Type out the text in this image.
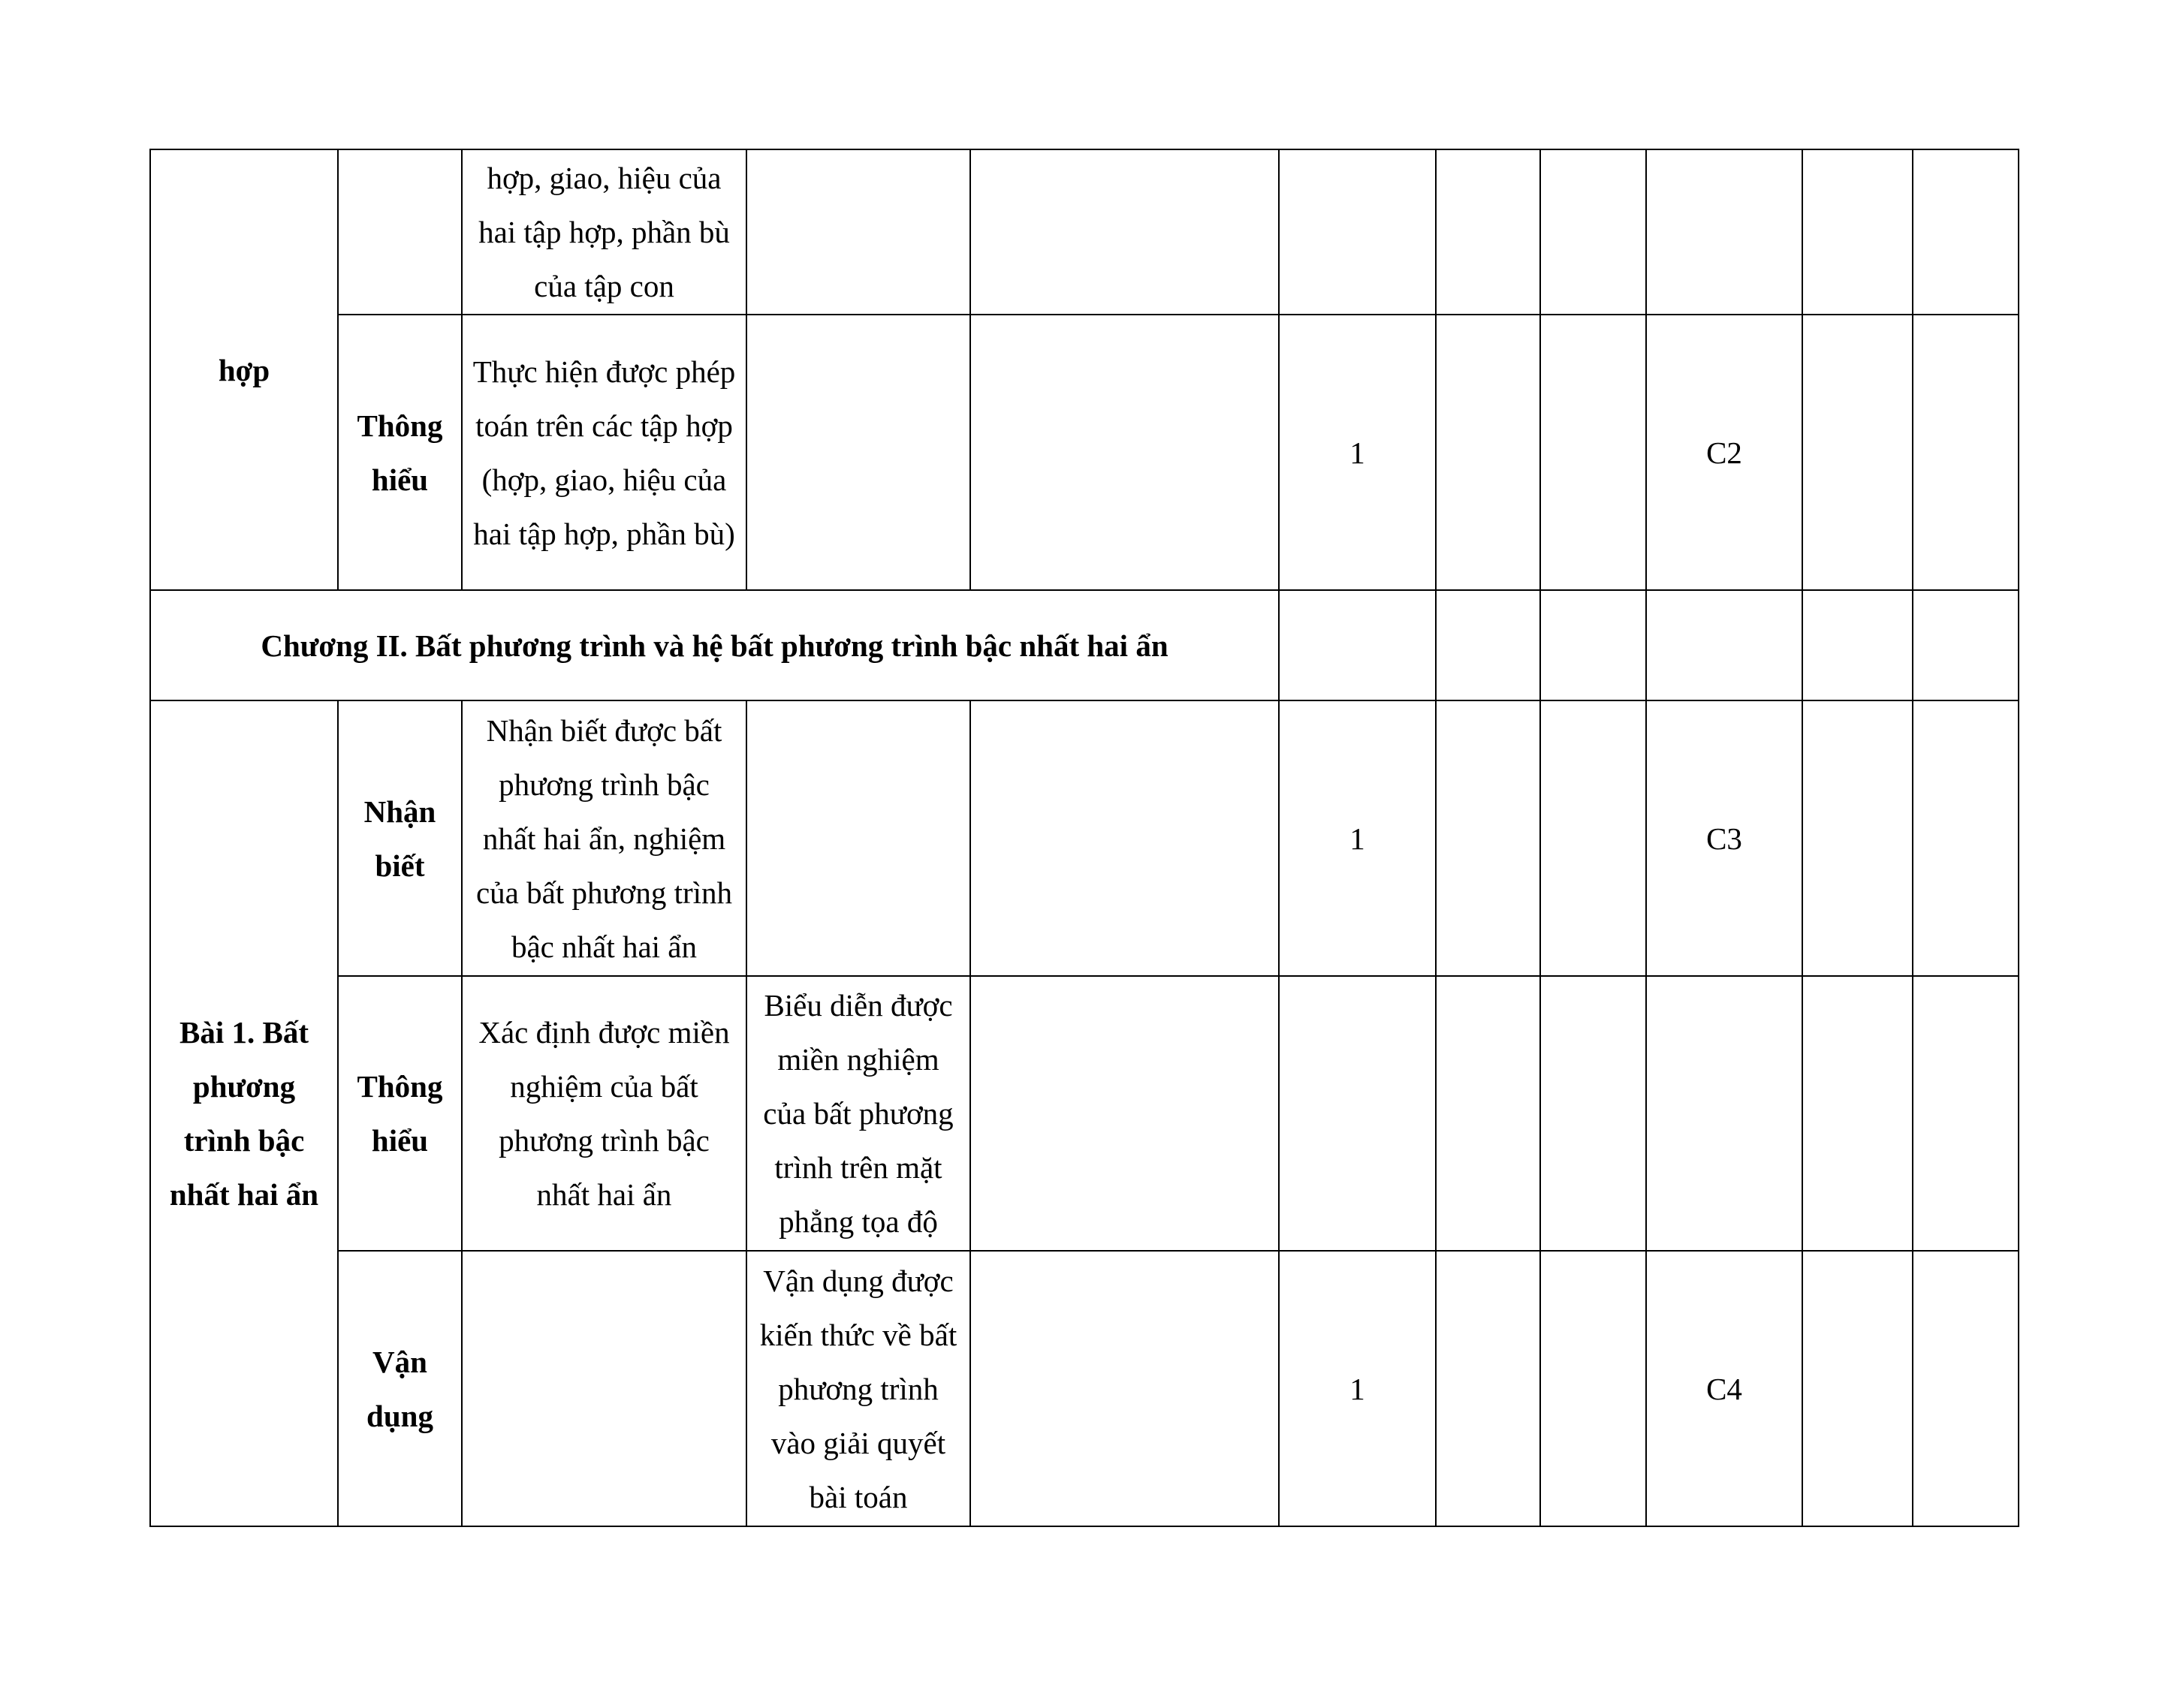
hợp		hợp, giao, hiệu của hai tập hợp, phần bù của tập con								
	Thông hiểu	Thực hiện được phép toán trên các tập hợp (hợp, giao, hiệu của hai tập hợp, phần bù)			1			C2		
Chương II. Bất phương trình và hệ bất phương trình bậc nhất hai ẩn										
Bài 1. Bất phương trình bậc nhất hai ẩn	Nhận biết	Nhận biết được bất phương trình bậc nhất hai ẩn, nghiệm của bất phương trình bậc nhất hai ẩn			1			C3		
	Thông hiểu	Xác định được miền nghiệm của bất phương trình bậc nhất hai ẩn	Biểu diễn được miền nghiệm của bất phương trình trên mặt phẳng tọa độ							
	Vận dụng		Vận dụng được kiến thức về bất phương trình vào giải quyết bài toán		1			C4		
